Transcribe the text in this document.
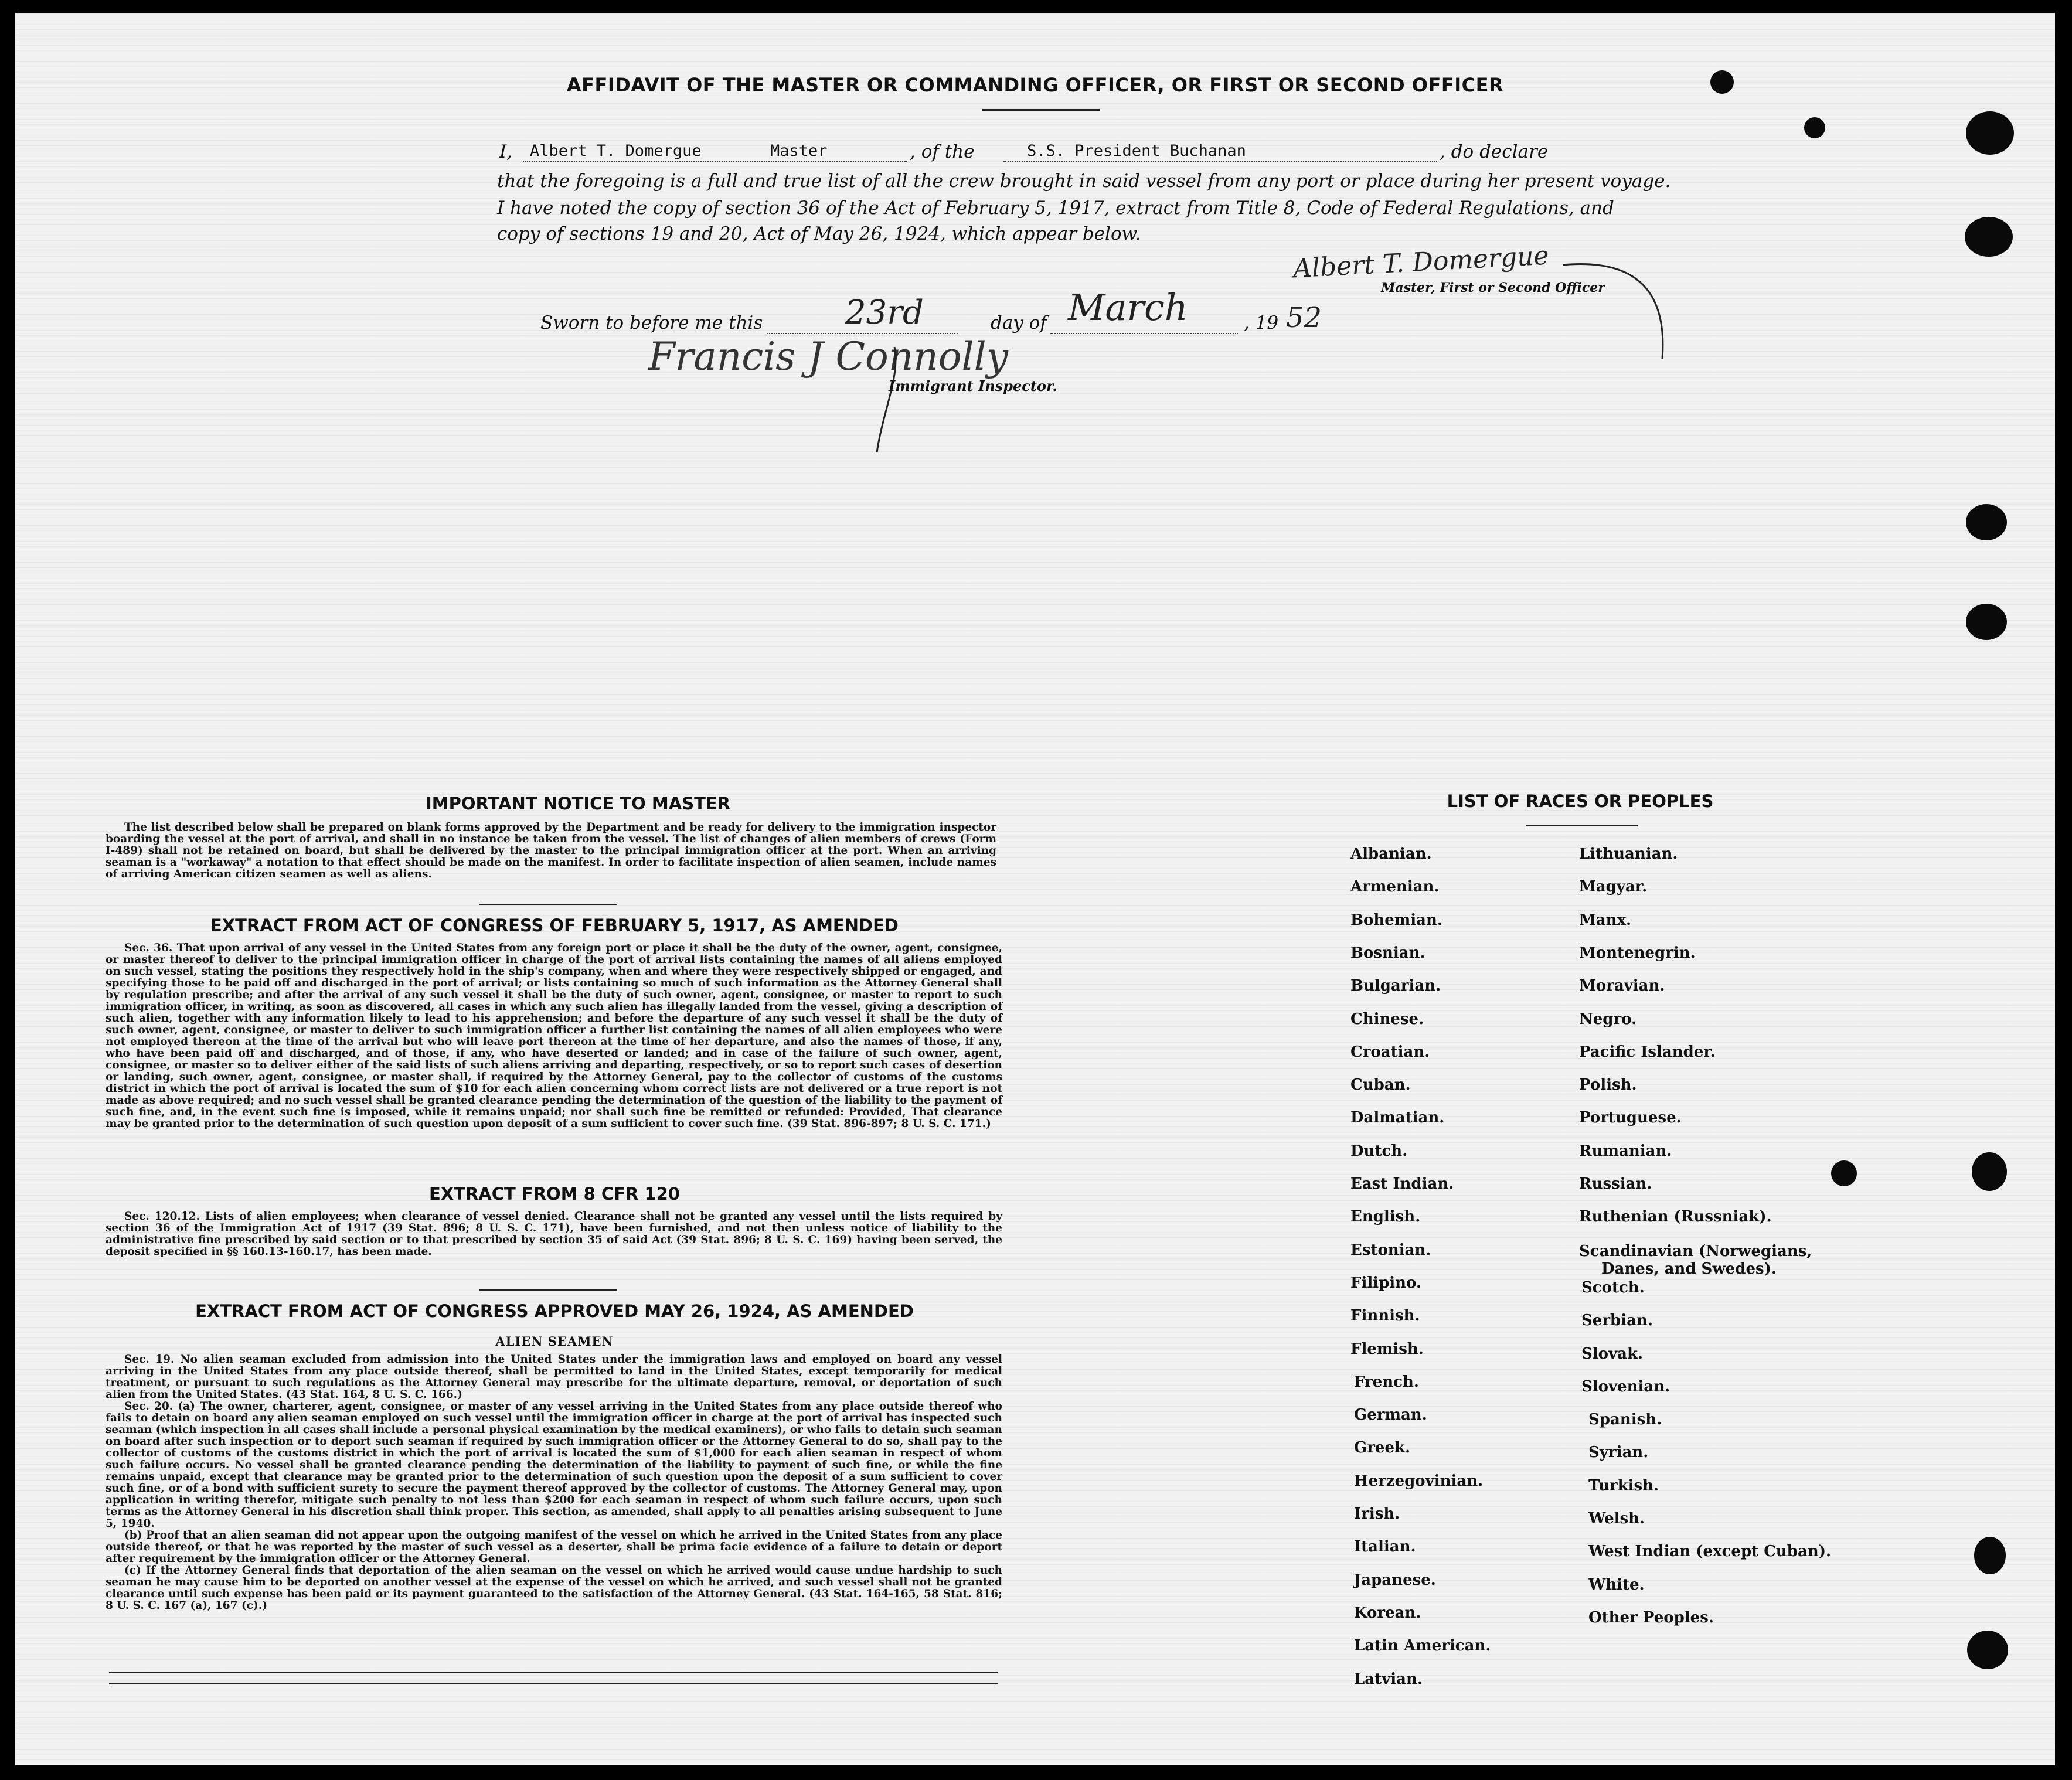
AFFIDAVIT OF THE MASTER OR COMMANDING OFFICER, OR FIRST OR SECOND OFFICER
I, Albert T. Domergue	Master	, of the	S.S. President Buchanan	, do declare
that the foregoing is a full and true list of all the crew brought in said vessel from any port or place during her present voyage.
I have noted the copy of section 36 of the Act of February 5, 1917, extract from Title 8, Code of Federal Regulations, and
copy of sections 19 and 20, Act of May 26, 1924, which appear below.
Albert T. Domergue
Master, First or Second Officer
Sworn to before me this	23rd	day of March	, 19 52
Francis J Connolly
Immigrant Inspector.
IMPORTANT NOTICE TO MASTER

The list described below shall be prepared on blank forms approved by the Department and be ready for delivery to the immigration inspector boarding the vessel at the port of arrival, and shall in no instance be taken from the vessel. The list of changes of alien members of crews (Form I-489) shall not be retained on board, but shall be delivered by the master to the principal immigration officer at the port. When an arriving seaman is a "workaway" a notation to that effect should be made on the manifest. In order to facilitate inspection of alien seamen, include names of arriving American citizen seamen as well as aliens.

EXTRACT FROM ACT OF CONGRESS OF FEBRUARY 5, 1917, AS AMENDED

Sec. 36. That upon arrival of any vessel in the United States from any foreign port or place it shall be the duty of the owner, agent, consignee, or master thereof to deliver to the principal immigration officer in charge of the port of arrival lists containing the names of all aliens employed on such vessel, stating the positions they respectively hold in the ship's company, when and where they were respectively shipped or engaged, and specifying those to be paid off and discharged in the port of arrival; or lists containing so much of such information as the Attorney General shall by regulation prescribe; and after the arrival of any such vessel it shall be the duty of such owner, agent, consignee, or master to report to such immigration officer, in writing, as soon as discovered, all cases in which any such alien has illegally landed from the vessel, giving a description of such alien, together with any information likely to lead to his apprehension; and before the departure of any such vessel it shall be the duty of such owner, agent, consignee, or master to deliver to such immigration officer a further list containing the names of all alien employees who were not employed thereon at the time of the arrival but who will leave port thereon at the time of her departure, and also the names of those, if any, who have been paid off and discharged, and of those, if any, who have deserted or landed; and in case of the failure of such owner, agent, consignee, or master so to deliver either of the said lists of such aliens arriving and departing, respectively, or so to report such cases of desertion or landing, such owner, agent, consignee, or master shall, if required by the Attorney General, pay to the collector of customs of the customs district in which the port of arrival is located the sum of $10 for each alien concerning whom correct lists are not delivered or a true report is not made as above required; and no such vessel shall be granted clearance pending the determination of the question of the liability to the payment of such fine, and, in the event such fine is imposed, while it remains unpaid; nor shall such fine be remitted or refunded: Provided, That clearance may be granted prior to the determination of such question upon deposit of a sum sufficient to cover such fine. (39 Stat. 896-897; 8 U. S. C. 171.)

EXTRACT FROM 8 CFR 120

Sec. 120.12. Lists of alien employees; when clearance of vessel denied. Clearance shall not be granted any vessel until the lists required by section 36 of the Immigration Act of 1917 (39 Stat. 896; 8 U. S. C. 171), have been furnished, and not then unless notice of liability to the administrative fine prescribed by said section or to that prescribed by section 35 of said Act (39 Stat. 896; 8 U. S. C. 169) having been served, the deposit specified in §§ 160.13-160.17, has been made.

EXTRACT FROM ACT OF CONGRESS APPROVED MAY 26, 1924, AS AMENDED
ALIEN SEAMEN

Sec. 19. No alien seaman excluded from admission into the United States under the immigration laws and employed on board any vessel arriving in the United States from any place outside thereof, shall be permitted to land in the United States, except temporarily for medical treatment, or pursuant to such regulations as the Attorney General may prescribe for the ultimate departure, removal, or deportation of such alien from the United States. (43 Stat. 164, 8 U. S. C. 166.)

Sec. 20. (a) The owner, charterer, agent, consignee, or master of any vessel arriving in the United States from any place outside thereof who fails to detain on board any alien seaman employed on such vessel until the immigration officer in charge at the port of arrival has inspected such seaman (which inspection in all cases shall include a personal physical examination by the medical examiners), or who fails to detain such seaman on board after such inspection or to deport such seaman if required by such immigration officer or the Attorney General to do so, shall pay to the collector of customs of the customs district in which the port of arrival is located the sum of $1,000 for each alien seaman in respect of whom such failure occurs. No vessel shall be granted clearance pending the determination of the liability to payment of such fine, or while the fine remains unpaid, except that clearance may be granted prior to the determination of such question upon the deposit of a sum sufficient to cover such fine, or of a bond with sufficient surety to secure the payment thereof approved by the collector of customs. The Attorney General may, upon application in writing therefor, mitigate such penalty to not less than $200 for each seaman in respect of whom such failure occurs, upon such terms as the Attorney General in his discretion shall think proper. This section, as amended, shall apply to all penalties arising subsequent to June 5, 1940.

(b) Proof that an alien seaman did not appear upon the outgoing manifest of the vessel on which he arrived in the United States from any place outside thereof, or that he was reported by the master of such vessel as a deserter, shall be prima facie evidence of a failure to detain or deport after requirement by the immigration officer or the Attorney General.

(c) If the Attorney General finds that deportation of the alien seaman on the vessel on which he arrived would cause undue hardship to such seaman he may cause him to be deported on another vessel at the expense of the vessel on which he arrived, and such vessel shall not be granted clearance until such expense has been paid or its payment guaranteed to the satisfaction of the Attorney General. (43 Stat. 164-165, 58 Stat. 816; 8 U. S. C. 167 (a), 167 (c).)

LIST OF RACES OR PEOPLES
Albanian.
Armenian.
Bohemian.
Bosnian.
Bulgarian.
Chinese.
Croatian.
Cuban.
Dalmatian.
Dutch.
East Indian.
English.
Estonian.
Filipino.
Finnish.
Flemish.
French.
German.
Greek.
Herzegovinian.
Irish.
Italian.
Japanese.
Korean.
Latin American.
Latvian.
Lithuanian.
Magyar.
Manx.
Montenegrin.
Moravian.
Negro.
Pacific Islander.
Polish.
Portuguese.
Rumanian.
Russian.
Ruthenian (Russniak).
Scandinavian (Norwegians,
Danes, and Swedes).
Scotch.
Serbian.
Slovak.
Slovenian.
Spanish.
Syrian.
Turkish.
Welsh.
West Indian (except Cuban).
White.
Other Peoples.
